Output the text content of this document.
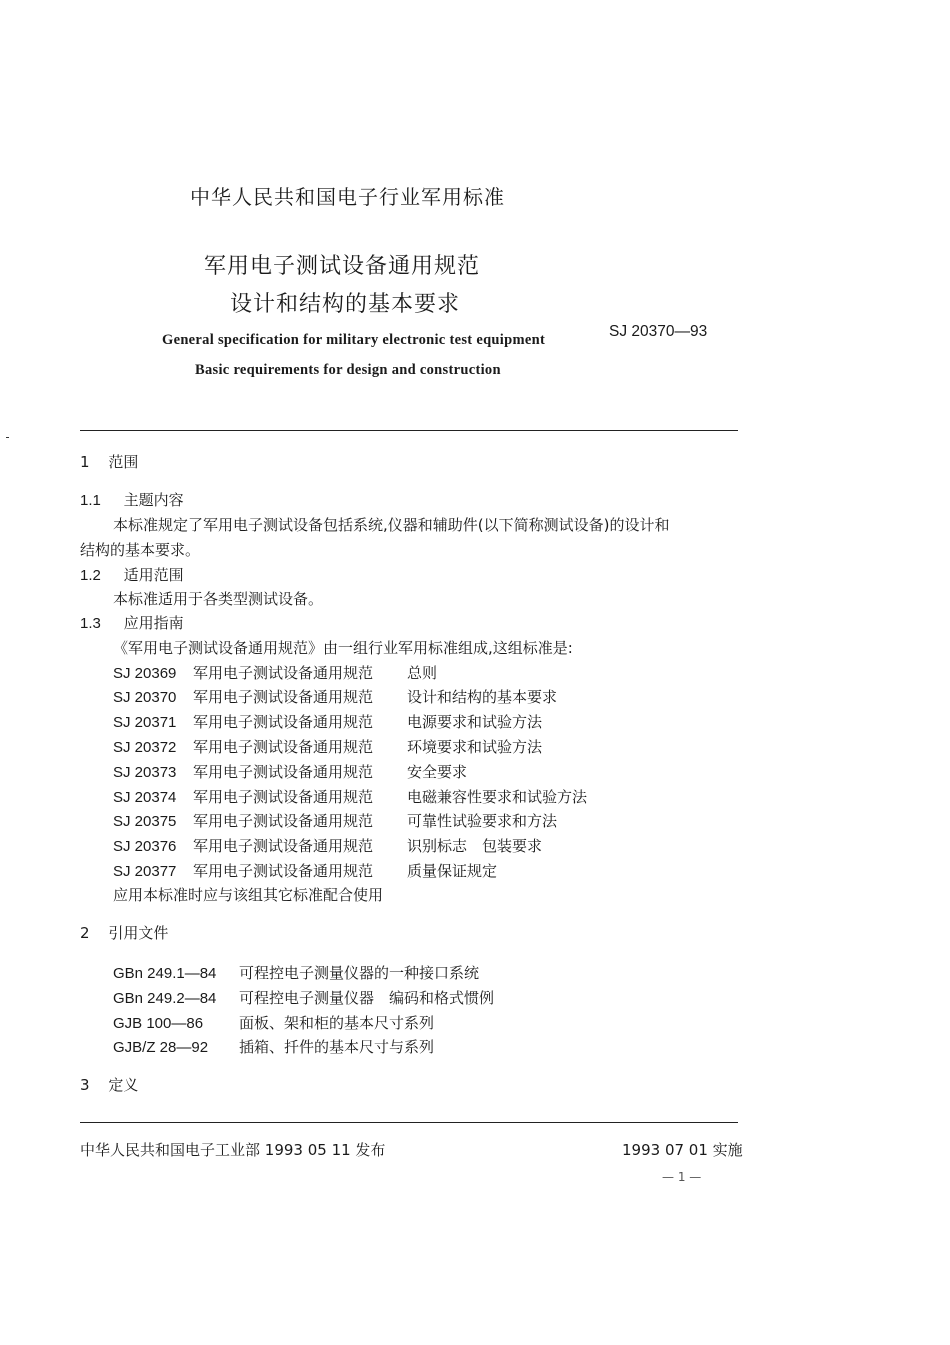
中华人民共和国电子行业军用标准
军用电子测试设备通用规范
设计和结构的基本要求
General specification for military electronic test equipment
Basic requirements for design and construction
SJ 20370—93
1 范围
1.1 主题内容
本标准规定了军用电子测试设备包括系统,仪器和辅助件(以下简称测试设备)的设计和
结构的基本要求。
1.2 适用范围
本标准适用于各类型测试设备。
1.3 应用指南
《军用电子测试设备通用规范》由一组行业军用标准组成,这组标准是:
SJ 20369 军用电子测试设备通用规范 总则
SJ 20370 军用电子测试设备通用规范 设计和结构的基本要求
SJ 20371 军用电子测试设备通用规范 电源要求和试验方法
SJ 20372 军用电子测试设备通用规范 环境要求和试验方法
SJ 20373 军用电子测试设备通用规范 安全要求
SJ 20374 军用电子测试设备通用规范 电磁兼容性要求和试验方法
SJ 20375 军用电子测试设备通用规范 可靠性试验要求和方法
SJ 20376 军用电子测试设备通用规范 识别标志　包装要求
SJ 20377 军用电子测试设备通用规范 质量保证规定
应用本标准时应与该组其它标准配合使用
2 引用文件
GBn 249.1—84 可程控电子测量仪器的一种接口系统
GBn 249.2—84 可程控电子测量仪器　编码和格式惯例
GJB 100—86 面板、架和柜的基本尺寸系列
GJB/Z 28—92 插箱、扦件的基本尺寸与系列
3 定义
中华人民共和国电子工业部 1993 05 11 发布	1993 07 01 实施
— 1 —
